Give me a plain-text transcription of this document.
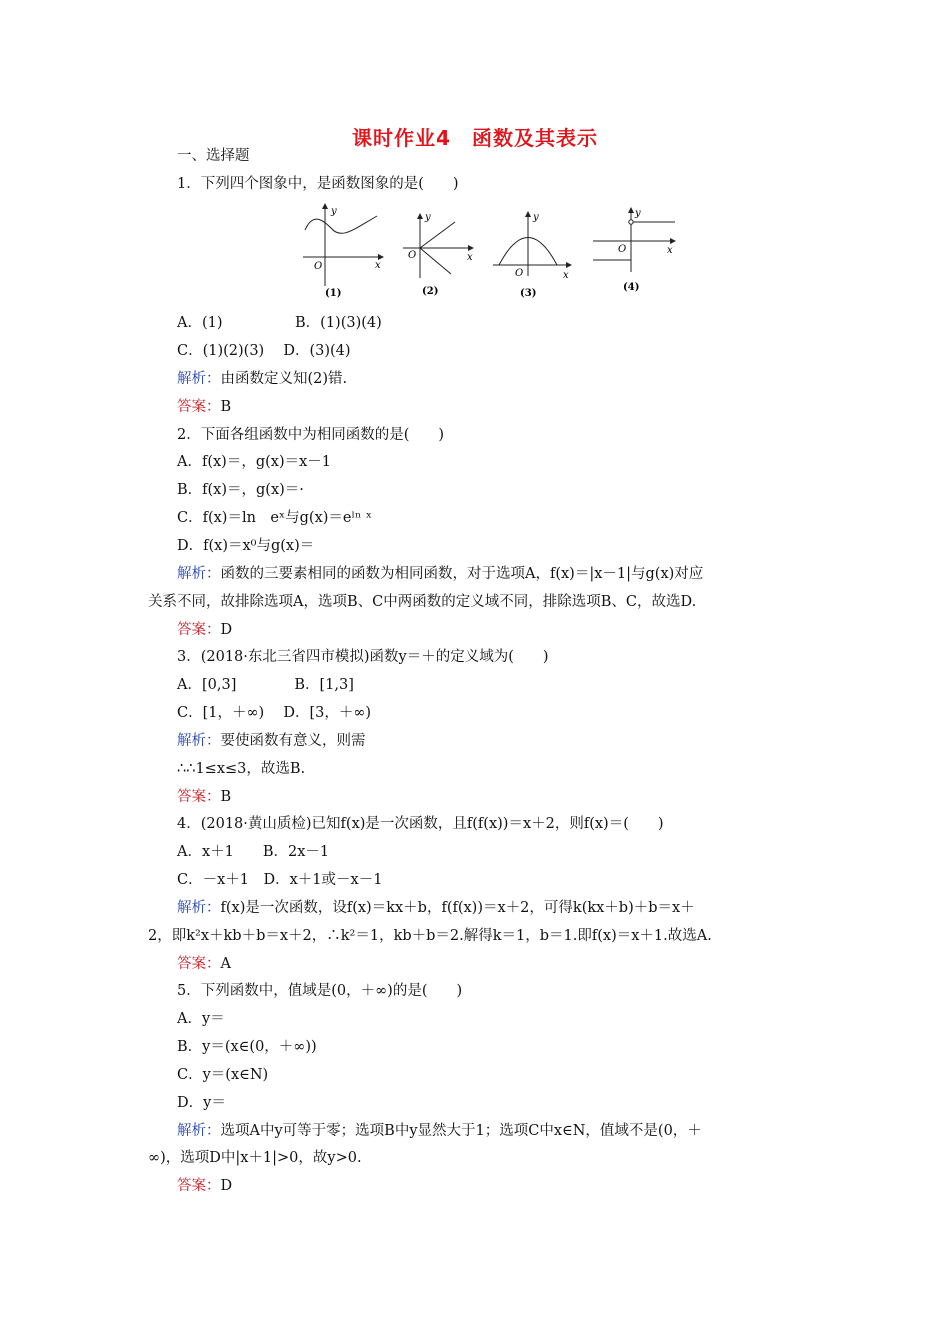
课时作业4　函数及其表示
一、选择题
1．下列四个图象中，是函数图象的是(　　)
x
y
O
(1)
x
y
O
(2)
x
y
O
(3)
x
y
O
(4)
A．(1)　　　　　B．(1)(3)(4)
C．(1)(2)(3)　 D．(3)(4)
解析：由函数定义知(2)错.
答案：B
2．下面各组函数中为相同函数的是(　　)
A．f(x)＝，g(x)＝x－1
B．f(x)＝，g(x)＝·
C．f(x)＝ln　eˣ与g(x)＝eˡⁿ ˣ
D．f(x)＝x⁰与g(x)＝
解析：函数的三要素相同的函数为相同函数，对于选项A，f(x)＝|x－1|与g(x)对应
关系不同，故排除选项A，选项B、C中两函数的定义域不同，排除选项B、C，故选D.
答案：D
3．(2018·东北三省四市模拟)函数y＝＋的定义域为(　　)
A．[0,3]　　　　B．[1,3]
C．[1，＋∞)　 D．[3，＋∞)
解析：要使函数有意义，则需
∴∴1≤x≤3，故选B.
答案：B
4．(2018·黄山质检)已知f(x)是一次函数，且f(f(x))＝x＋2，则f(x)＝(　　)
A．x＋1　　B．2x－1
C．－x＋1　D．x＋1或－x－1
解析：f(x)是一次函数，设f(x)＝kx＋b，f(f(x))＝x＋2，可得k(kx＋b)＋b＝x＋
2，即k²x＋kb＋b＝x＋2，∴k²＝1，kb＋b＝2.解得k＝1，b＝1.即f(x)＝x＋1.故选A.
答案：A
5．下列函数中，值域是(0，＋∞)的是(　　)
A．y＝
B．y＝(x∈(0，＋∞))
C．y＝(x∈N)
D．y＝
解析：选项A中y可等于零；选项B中y显然大于1；选项C中x∈N，值域不是(0，＋
∞)，选项D中|x＋1|>0，故y>0.
答案：D
